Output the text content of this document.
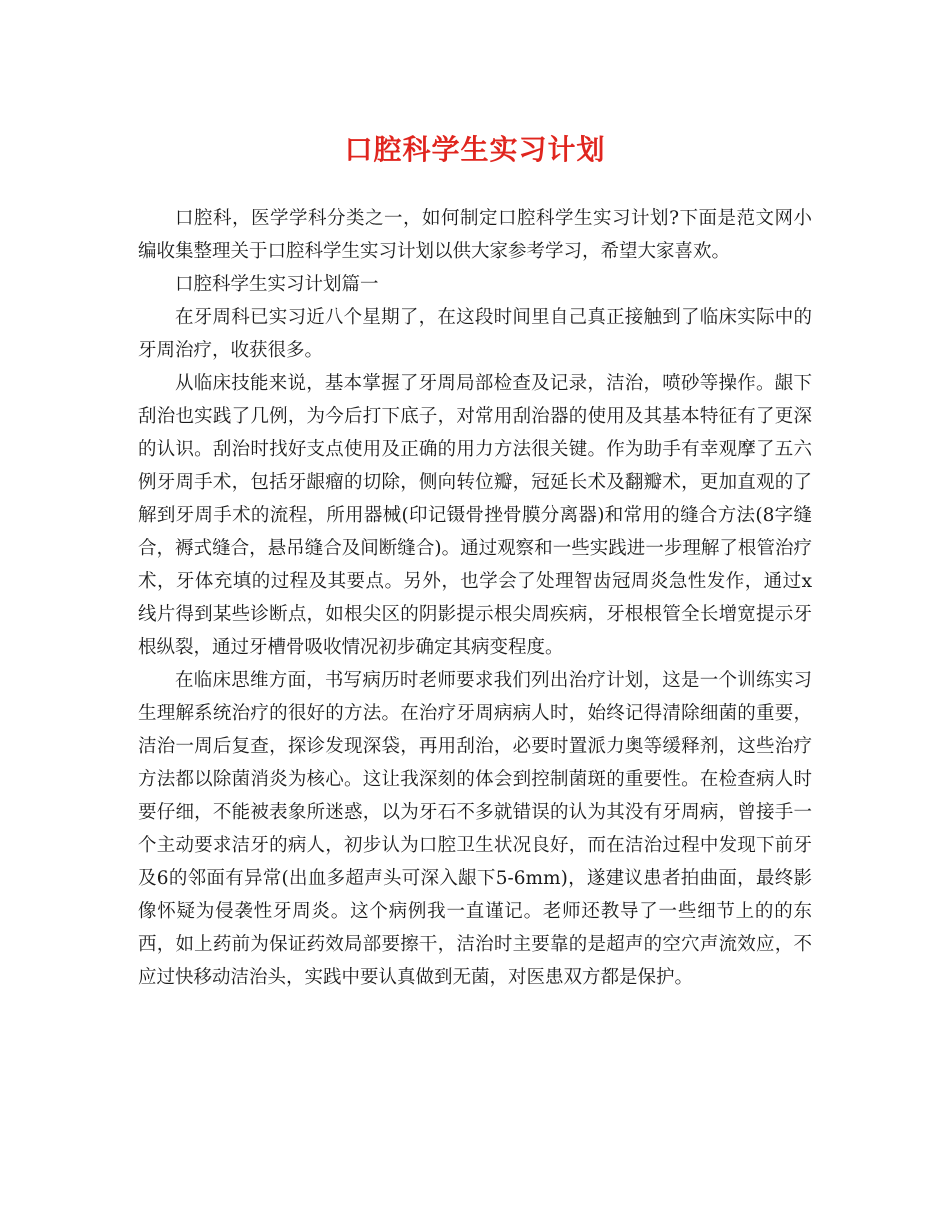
口腔科学生实习计划

口腔科，医学学科分类之一，如何制定口腔科学生实习计划?下面是范文网小编收集整理关于口腔科学生实习计划以供大家参考学习，希望大家喜欢。

口腔科学生实习计划篇一

在牙周科已实习近八个星期了，在这段时间里自己真正接触到了临床实际中的牙周治疗，收获很多。

从临床技能来说，基本掌握了牙周局部检查及记录，洁治，喷砂等操作。龈下刮治也实践了几例，为今后打下底子，对常用刮治器的使用及其基本特征有了更深的认识。刮治时找好支点使用及正确的用力方法很关键。作为助手有幸观摩了五六例牙周手术，包括牙龈瘤的切除，侧向转位瓣，冠延长术及翻瓣术，更加直观的了解到牙周手术的流程，所用器械(印记镊骨挫骨膜分离器)和常用的缝合方法(8字缝合，褥式缝合，悬吊缝合及间断缝合)。通过观察和一些实践进一步理解了根管治疗术，牙体充填的过程及其要点。另外，也学会了处理智齿冠周炎急性发作，通过x线片得到某些诊断点，如根尖区的阴影提示根尖周疾病，牙根根管全长增宽提示牙根纵裂，通过牙槽骨吸收情况初步确定其病变程度。

在临床思维方面，书写病历时老师要求我们列出治疗计划，这是一个训练实习生理解系统治疗的很好的方法。在治疗牙周病病人时，始终记得清除细菌的重要，洁治一周后复查，探诊发现深袋，再用刮治，必要时置派力奥等缓释剂，这些治疗方法都以除菌消炎为核心。这让我深刻的体会到控制菌斑的重要性。在检查病人时要仔细，不能被表象所迷惑，以为牙石不多就错误的认为其没有牙周病，曾接手一个主动要求洁牙的病人，初步认为口腔卫生状况良好，而在洁治过程中发现下前牙及6的邻面有异常(出血多超声头可深入龈下5-6mm)，遂建议患者拍曲面，最终影像怀疑为侵袭性牙周炎。这个病例我一直谨记。老师还教导了一些细节上的的东西，如上药前为保证药效局部要擦干，洁治时主要靠的是超声的空穴声流效应，不应过快移动洁治头，实践中要认真做到无菌，对医患双方都是保护。
